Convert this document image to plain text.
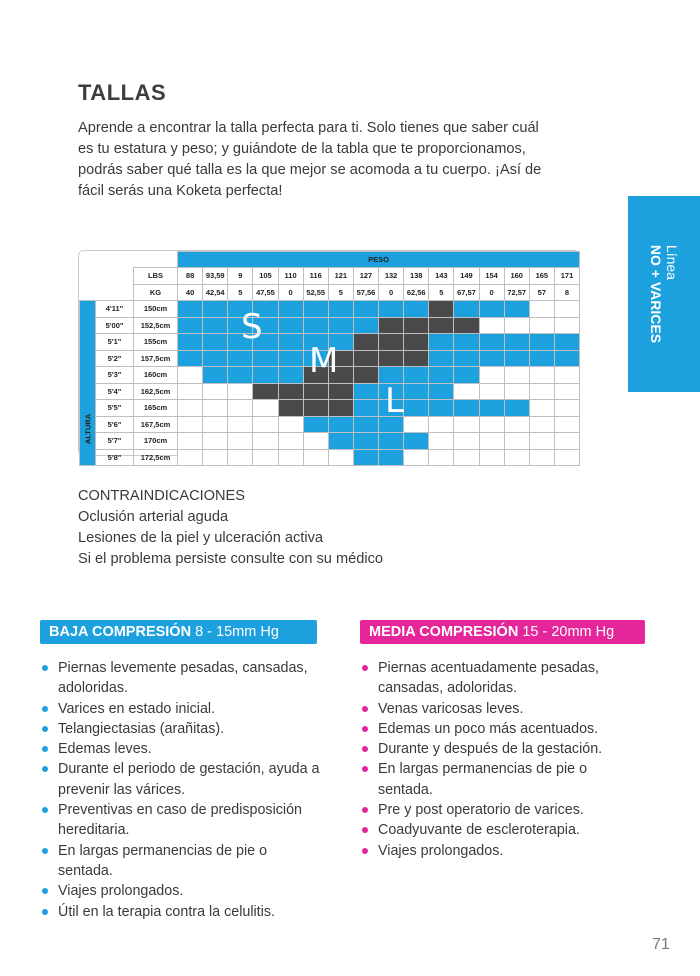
TALLAS
Aprende a encontrar la talla perfecta para ti. Solo tienes que saber cuál
es tu estatura y peso; y guiándote de la tabla que te proporcionamos,
podrás saber qué talla es la que mejor se acomoda a tu cuerpo. ¡Así de
fácil serás una Koketa perfecta!
Línea
NO + VARICES
			PESO															
		LBS	88	93,59	9	105	110	116	121	127	132	138	143	149	154	160	165	171
		KG	40	42,54	5	47,55	0	52,55	5	57,56	0	62,56	5	67,57	0	72,57	57	8

ALTURA	4'11"	150cm																
	5'00"	152,5cm																
	5'1"	155cm																
	5'2"	157,5cm																
	5'3"	160cm																
	5'4"	162,5cm																
	5'5"	165cm																
	5'6"	167,5cm																
	5'7"	170cm																
	5'8"	172,5cm																
S
M
L
CONTRAINDICACIONES
Oclusión arterial aguda
Lesiones de la piel y ulceración activa
Si el problema persiste consulte con su médico
BAJA COMPRESIÓN 8 - 15mm Hg
Piernas levemente pesadas, cansadas, adoloridas.
Varices en estado inicial.
Telangiectasias (arañitas).
Edemas leves.
Durante el periodo de gestación, ayuda a prevenir las várices.
Preventivas en caso de predisposición hereditaria.
En largas permanencias de pie o sentada.
Viajes prolongados.
Útil en la terapia contra la celulitis.
MEDIA COMPRESIÓN 15 - 20mm Hg
Piernas acentuadamente pesadas, cansadas, adoloridas.
Venas varicosas leves.
Edemas un poco más acentuados.
Durante y después de la gestación.
En largas permanencias de pie o sentada.
Pre y post operatorio de varices.
Coadyuvante de escleroterapia.
Viajes prolongados.
71
